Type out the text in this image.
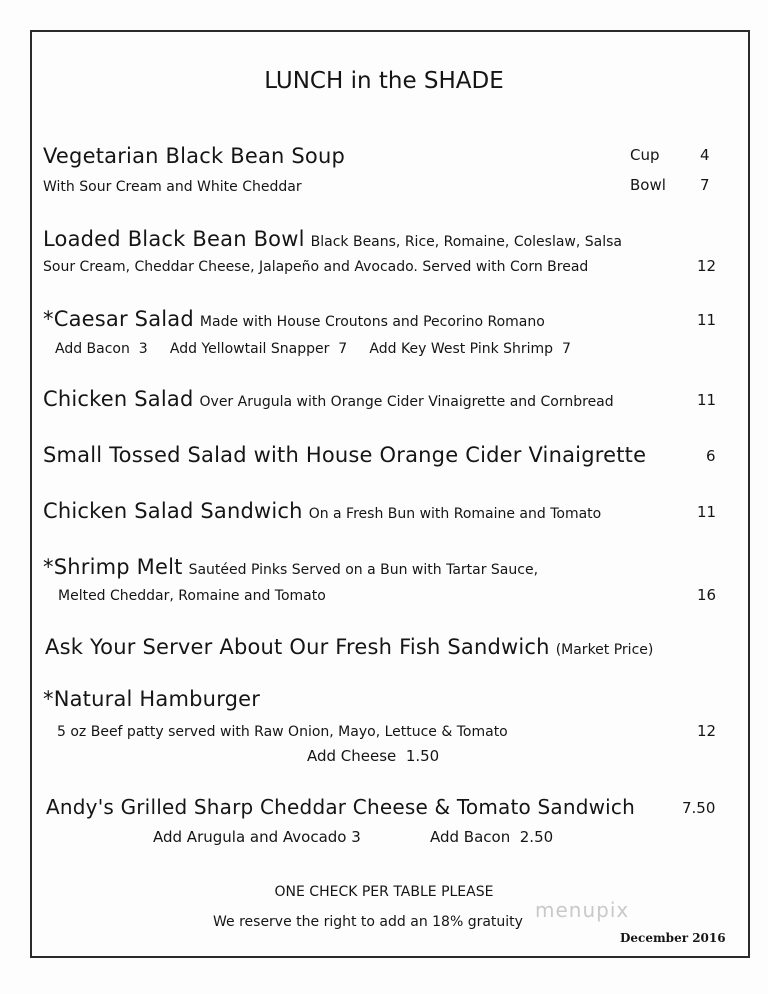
LUNCH in the SHADE
Vegetarian Black Bean Soup	Cup	4
With Sour Cream and White Cheddar	Bowl 7
Loaded Black Bean Bowl Black Beans, Rice, Romaine, Coleslaw, Salsa
Sour Cream, Cheddar Cheese, Jalapeño and Avocado. Served with Corn Bread	12
*Caesar Salad Made with House Croutons and Pecorino Romano	11
Add Bacon  3     Add Yellowtail Snapper  7     Add Key West Pink Shrimp  7
Chicken Salad Over Arugula with Orange Cider Vinaigrette and Cornbread	11
Small Tossed Salad with House Orange Cider Vinaigrette	6
Chicken Salad Sandwich On a Fresh Bun with Romaine and Tomato	11
*Shrimp Melt Sautéed Pinks Served on a Bun with Tartar Sauce,
Melted Cheddar, Romaine and Tomato	16
Ask Your Server About Our Fresh Fish Sandwich (Market Price)
*Natural Hamburger
5 oz Beef patty served with Raw Onion, Mayo, Lettuce & Tomato	12
Add Cheese  1.50
Andy's Grilled Sharp Cheddar Cheese & Tomato Sandwich	7.50
Add Arugula and Avocado 3	Add Bacon  2.50
ONE CHECK PER TABLE PLEASE
We reserve the right to add an 18% gratuity
December 2016
menupix
